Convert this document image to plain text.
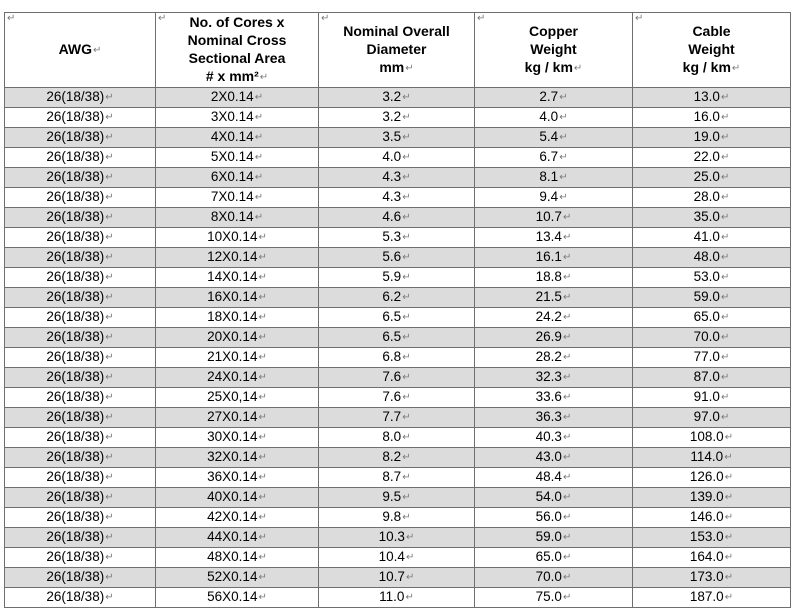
↵
AWG↵	↵ No. of Cores x
Nominal Cross
Sectional Area
# x mm²↵	↵
Nominal Overall
Diameter
mm↵	↵
Copper
Weight
kg / km↵	↵
Cable
Weight
kg / km↵
26(18/38)↵	2X0.14↵	3.2↵	2.7↵	13.0↵
26(18/38)↵	3X0.14↵	3.2↵	4.0↵	16.0↵
26(18/38)↵	4X0.14↵	3.5↵	5.4↵	19.0↵
26(18/38)↵	5X0.14↵	4.0↵	6.7↵	22.0↵
26(18/38)↵	6X0.14↵	4.3↵	8.1↵	25.0↵
26(18/38)↵	7X0.14↵	4.3↵	9.4↵	28.0↵
26(18/38)↵	8X0.14↵	4.6↵	10.7↵	35.0↵
26(18/38)↵	10X0.14↵	5.3↵	13.4↵	41.0↵
26(18/38)↵	12X0.14↵	5.6↵	16.1↵	48.0↵
26(18/38)↵	14X0.14↵	5.9↵	18.8↵	53.0↵
26(18/38)↵	16X0.14↵	6.2↵	21.5↵	59.0↵
26(18/38)↵	18X0.14↵	6.5↵	24.2↵	65.0↵
26(18/38)↵	20X0.14↵	6.5↵	26.9↵	70.0↵
26(18/38)↵	21X0.14↵	6.8↵	28.2↵	77.0↵
26(18/38)↵	24X0.14↵	7.6↵	32.3↵	87.0↵
26(18/38)↵	25X0,14↵	7.6↵	33.6↵	91.0↵
26(18/38)↵	27X0.14↵	7.7↵	36.3↵	97.0↵
26(18/38)↵	30X0.14↵	8.0↵	40.3↵	108.0↵
26(18/38)↵	32X0.14↵	8.2↵	43.0↵	114.0↵
26(18/38)↵	36X0.14↵	8.7↵	48.4↵	126.0↵
26(18/38)↵	40X0.14↵	9.5↵	54.0↵	139.0↵
26(18/38)↵	42X0.14↵	9.8↵	56.0↵	146.0↵
26(18/38)↵	44X0.14↵	10.3↵	59.0↵	153.0↵
26(18/38)↵	48X0.14↵	10.4↵	65.0↵	164.0↵
26(18/38)↵	52X0.14↵	10.7↵	70.0↵	173.0↵
26(18/38)↵	56X0.14↵	11.0↵	75.0↵	187.0↵
